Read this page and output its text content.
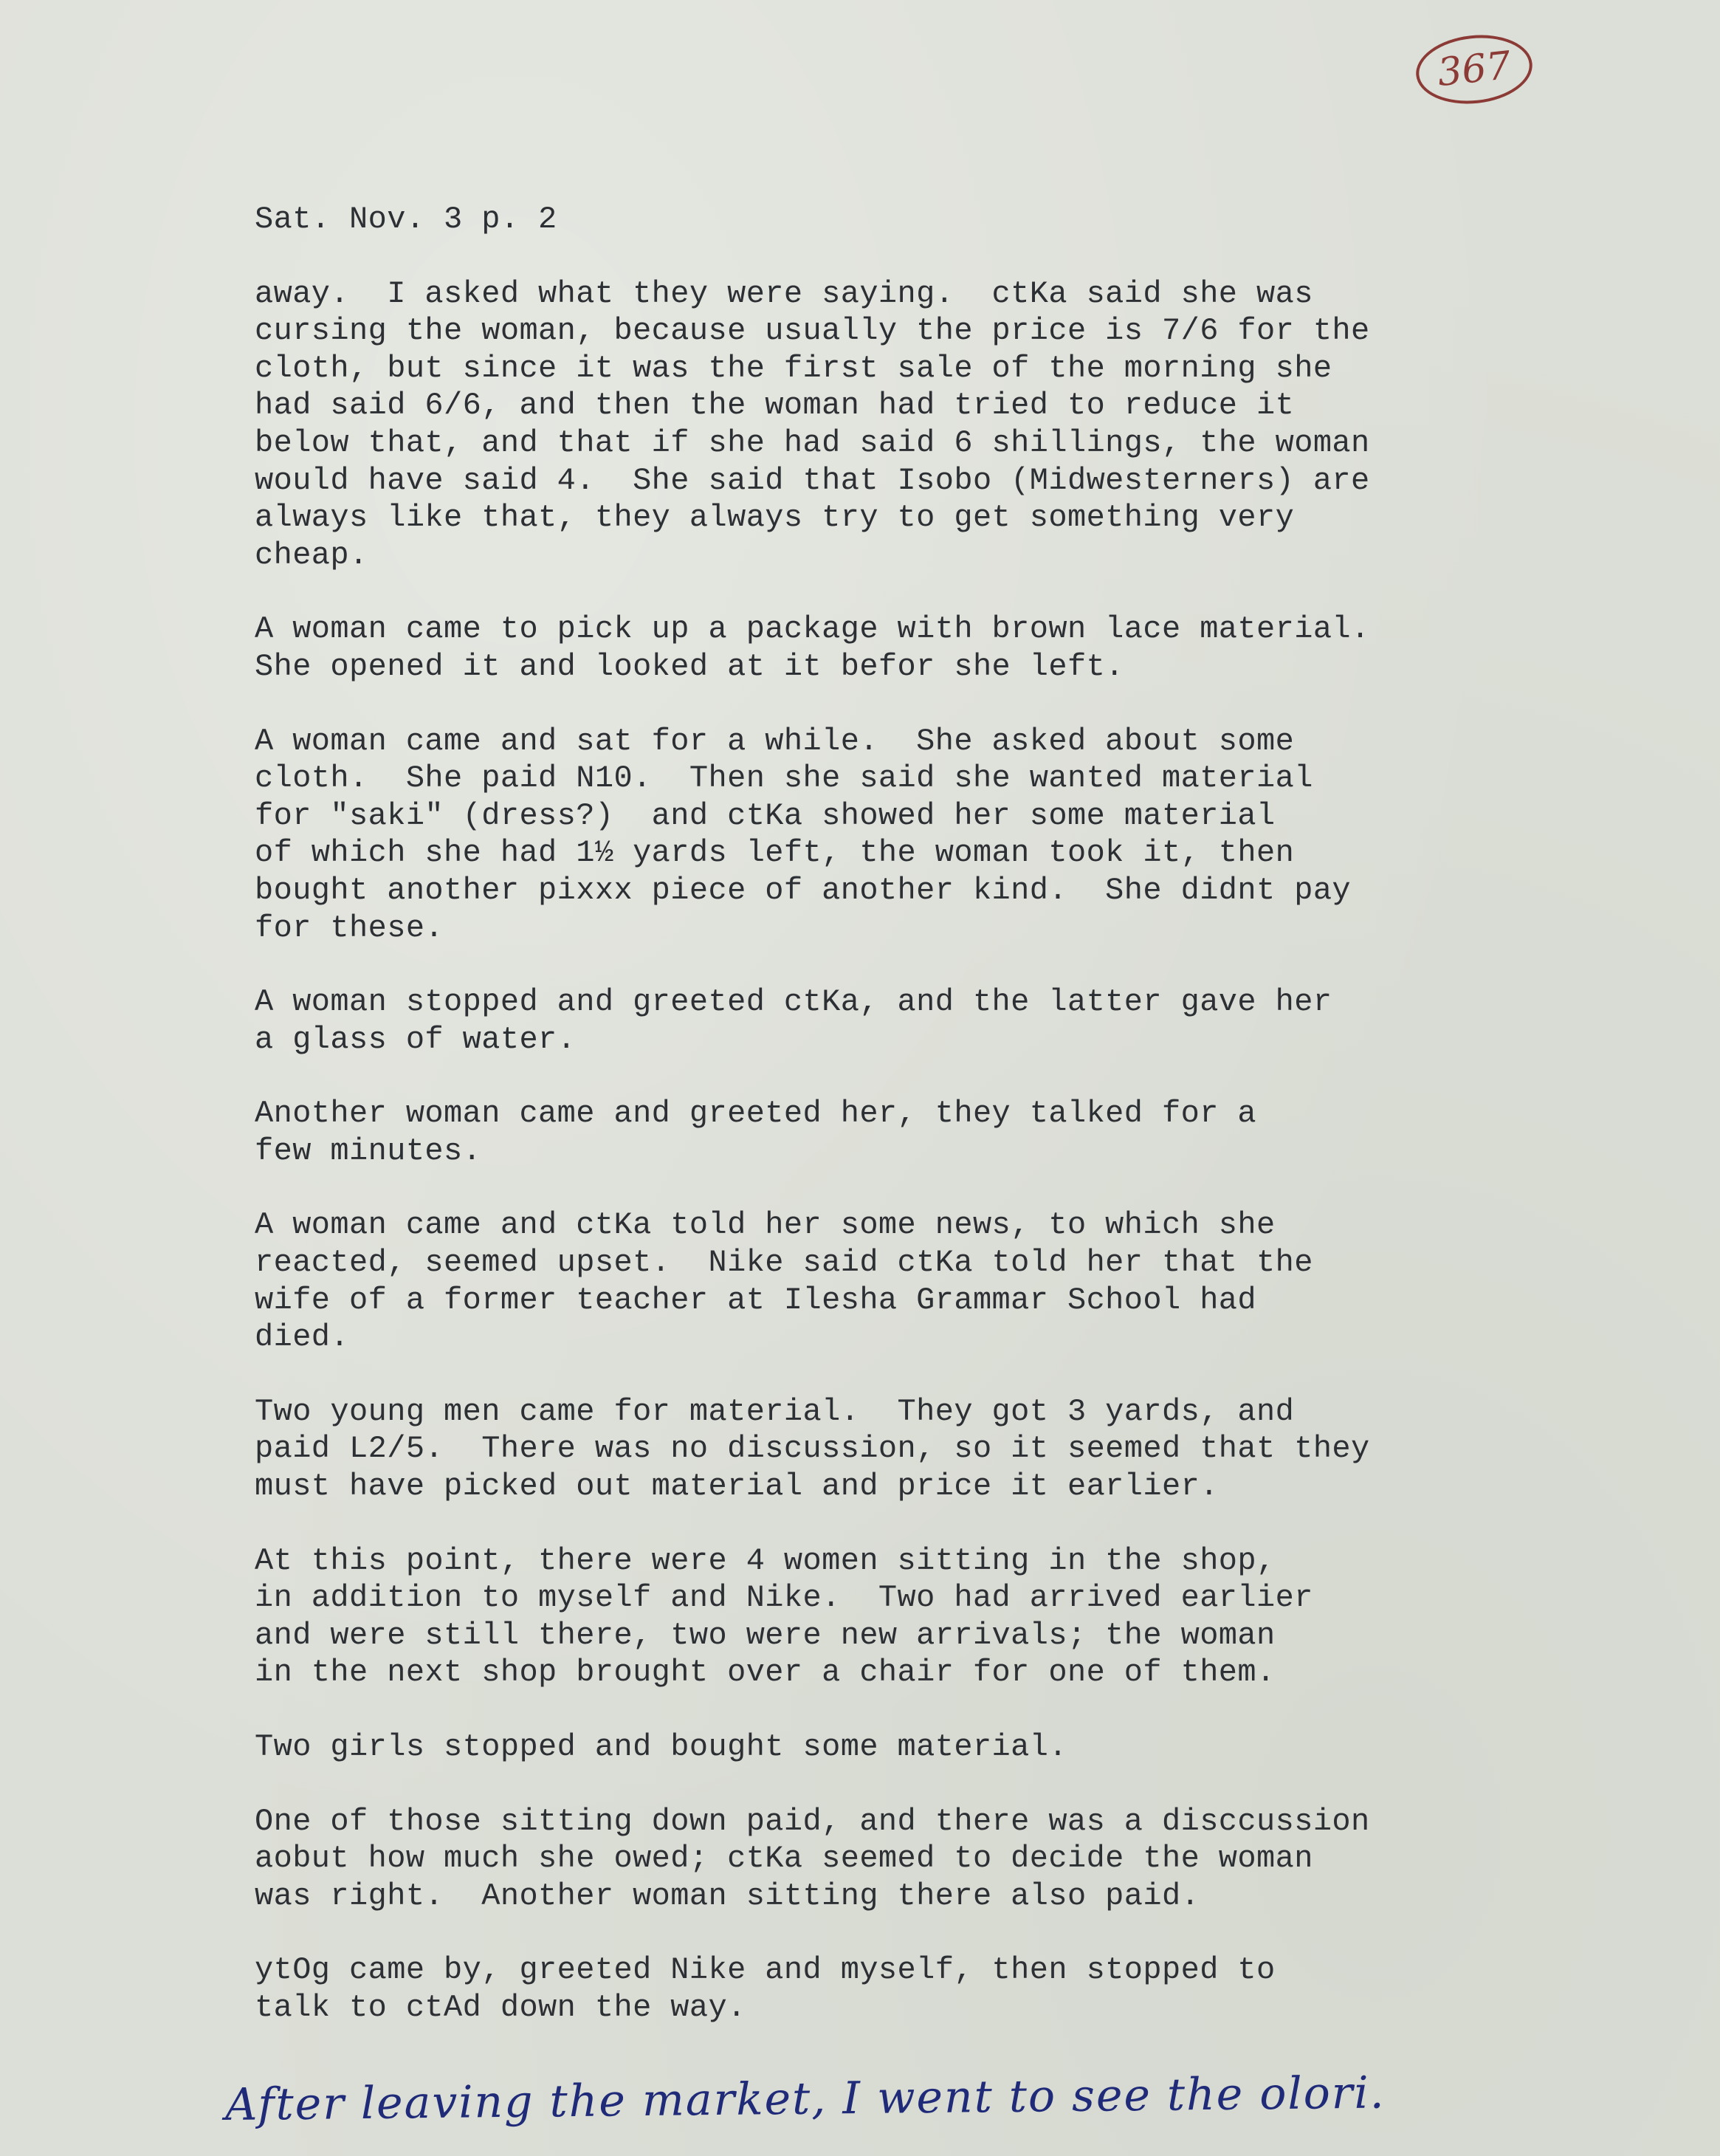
367
Sat. Nov. 3 p. 2
away.  I asked what they were saying.  ctKa said she was
cursing the woman, because usually the price is 7/6 for the
cloth, but since it was the first sale of the morning she
had said 6/6, and then the woman had tried to reduce it
below that, and that if she had said 6 shillings, the woman
would have said 4.  She said that Isobo (Midwesterners) are
always like that, they always try to get something very
cheap.
A woman came to pick up a package with brown lace material.
She opened it and looked at it befor she left.
A woman came and sat for a while.  She asked about some
cloth.  She paid N10.  Then she said she wanted material
for "saki" (dress?)  and ctKa showed her some material
of which she had 1½ yards left, the woman took it, then
bought another pixxx piece of another kind.  She didnt pay
for these.
A woman stopped and greeted ctKa, and the latter gave her
a glass of water.
Another woman came and greeted her, they talked for a
few minutes.
A woman came and ctKa told her some news, to which she
reacted, seemed upset.  Nike said ctKa told her that the
wife of a former teacher at Ilesha Grammar School had
died.
Two young men came for material.  They got 3 yards, and
paid L2/5.  There was no discussion, so it seemed that they
must have picked out material and price it earlier.
At this point, there were 4 women sitting in the shop,
in addition to myself and Nike.  Two had arrived earlier
and were still there, two were new arrivals; the woman
in the next shop brought over a chair for one of them.
Two girls stopped and bought some material.
One of those sitting down paid, and there was a disccussion
aobut how much she owed; ctKa seemed to decide the woman
was right.  Another woman sitting there also paid.
ytOg came by, greeted Nike and myself, then stopped to
talk to ctAd down the way.
After leaving the market, I went to see the olori.
